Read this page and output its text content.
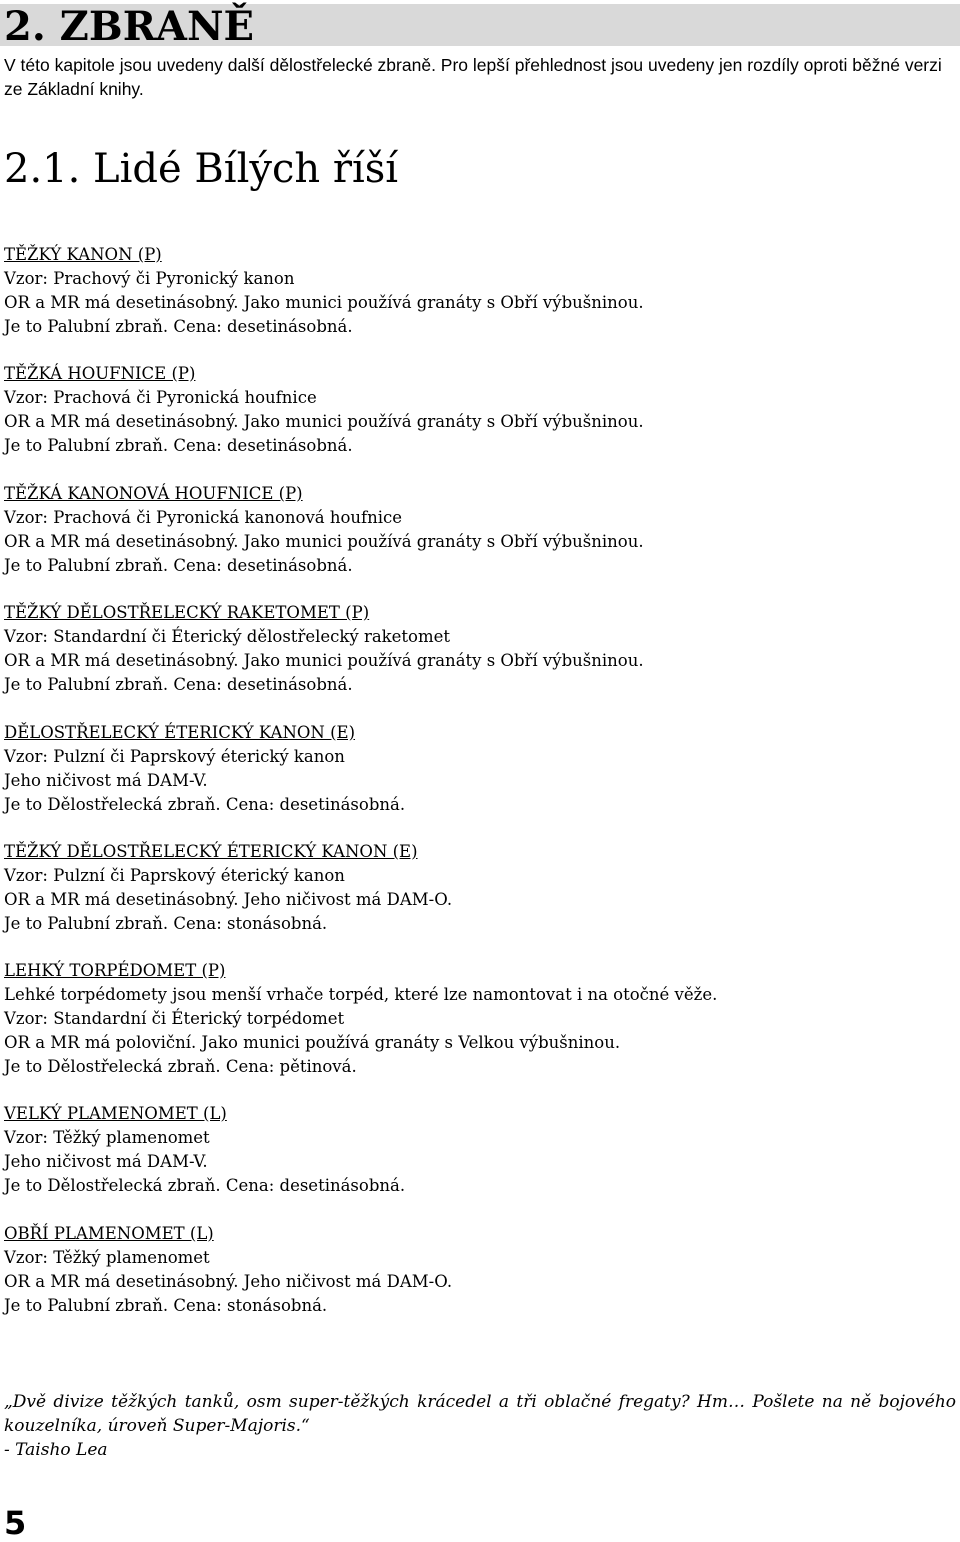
2. ZBRANĚ

V této kapitole jsou uvedeny další dělostřelecké zbraně. Pro lepší přehlednost jsou uvedeny jen rozdíly oproti běžné verzi ze Základní knihy.

2.1. Lidé Bílých říší
TĚŽKÝ KANON (P)
Vzor: Prachový či Pyronický kanon
OR a MR má desetinásobný. Jako munici používá granáty s Obří výbušninou.
Je to Palubní zbraň. Cena: desetinásobná.
TĚŽKÁ HOUFNICE (P)
Vzor: Prachová či Pyronická houfnice
OR a MR má desetinásobný. Jako munici používá granáty s Obří výbušninou.
Je to Palubní zbraň. Cena: desetinásobná.
TĚŽKÁ KANONOVÁ HOUFNICE (P)
Vzor: Prachová či Pyronická kanonová houfnice
OR a MR má desetinásobný. Jako munici používá granáty s Obří výbušninou.
Je to Palubní zbraň. Cena: desetinásobná.
TĚŽKÝ DĚLOSTŘELECKÝ RAKETOMET (P)
Vzor: Standardní či Éterický dělostřelecký raketomet
OR a MR má desetinásobný. Jako munici používá granáty s Obří výbušninou.
Je to Palubní zbraň. Cena: desetinásobná.
DĚLOSTŘELECKÝ ÉTERICKÝ KANON (E)
Vzor: Pulzní či Paprskový éterický kanon
Jeho ničivost má DAM-V.
Je to Dělostřelecká zbraň. Cena: desetinásobná.
TĚŽKÝ DĚLOSTŘELECKÝ ÉTERICKÝ KANON (E)
Vzor: Pulzní či Paprskový éterický kanon
OR a MR má desetinásobný. Jeho ničivost má DAM-O.
Je to Palubní zbraň. Cena: stonásobná.
LEHKÝ TORPÉDOMET (P)
Lehké torpédomety jsou menší vrhače torpéd, které lze namontovat i na otočné věže.
Vzor: Standardní či Éterický torpédomet
OR a MR má poloviční. Jako munici používá granáty s Velkou výbušninou.
Je to Dělostřelecká zbraň. Cena: pětinová.
VELKÝ PLAMENOMET (L)
Vzor: Těžký plamenomet
Jeho ničivost má DAM-V.
Je to Dělostřelecká zbraň. Cena: desetinásobná.
OBŘÍ PLAMENOMET (L)
Vzor: Těžký plamenomet
OR a MR má desetinásobný. Jeho ničivost má DAM-O.
Je to Palubní zbraň. Cena: stonásobná.
„Dvě divize těžkých tanků, osm super-těžkých krácedel a tři oblačné fregaty? Hm… Pošlete na ně bojového kouzelníka, úroveň Super-Majoris.“
- Taisho Lea
5
